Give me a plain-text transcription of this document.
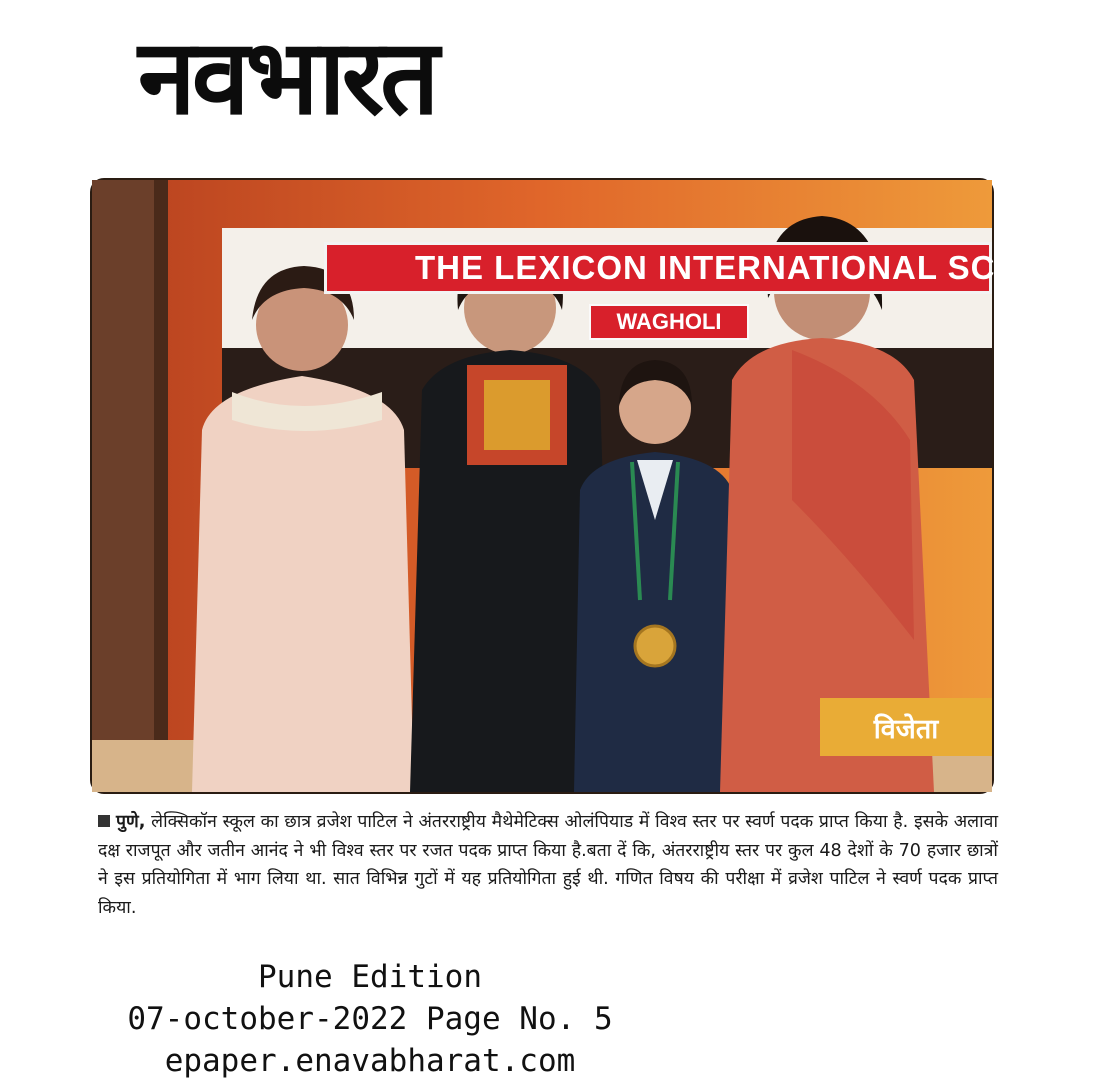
नवभारत
THE LEXICON INTERNATIONAL SCHOOL
WAGHOLI
विजेता
पुणे, लेक्सिकॉन स्कूल का छात्र व्रजेश पाटिल ने अंतरराष्ट्रीय मैथेमेटिक्स ओलंपियाड में विश्व स्तर पर स्वर्ण पदक प्राप्त किया है. इसके अलावा दक्ष राजपूत और जतीन आनंद ने भी विश्व स्तर पर रजत पदक प्राप्त किया है.बता दें कि, अंतरराष्ट्रीय स्तर पर कुल 48 देशों के 70 हजार छात्रों ने इस प्रतियोगिता में भाग लिया था. सात विभिन्न गुटों में यह प्रतियोगिता हुई थी. गणित विषय की परीक्षा में व्रजेश पाटिल ने स्वर्ण पदक प्राप्त किया.
Pune Edition
07-october-2022 Page No. 5
epaper.enavabharat.com
